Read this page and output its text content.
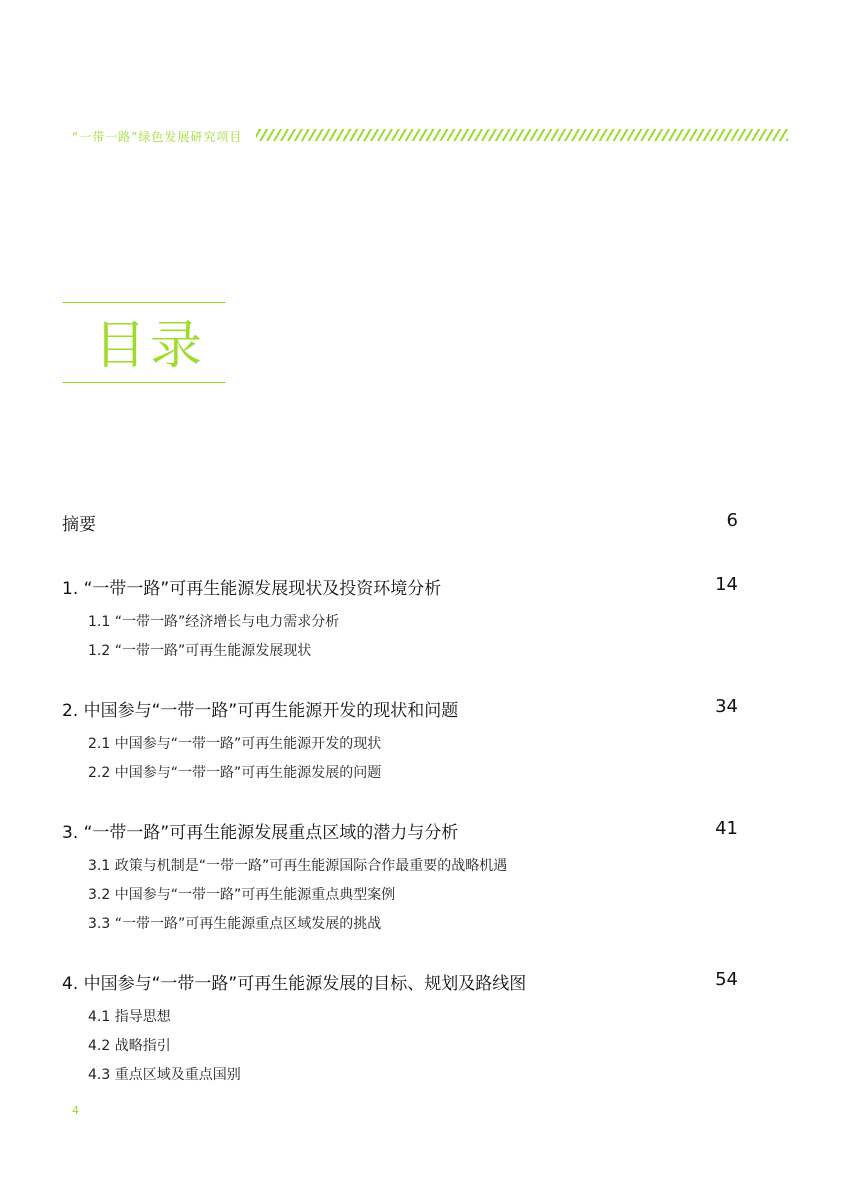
“一带一路”绿色发展研究项目
目录
摘要	6
1. “一带一路”可再生能源发展现状及投资环境分析	14
1.1 “一带一路”经济增长与电力需求分析
1.2 “一带一路”可再生能源发展现状
2. 中国参与“一带一路”可再生能源开发的现状和问题	34
2.1 中国参与“一带一路”可再生能源开发的现状
2.2 中国参与“一带一路”可再生能源发展的问题
3. “一带一路”可再生能源发展重点区域的潜力与分析	41
3.1 政策与机制是“一带一路”可再生能源国际合作最重要的战略机遇
3.2 中国参与“一带一路”可再生能源重点典型案例
3.3 “一带一路”可再生能源重点区域发展的挑战
4. 中国参与“一带一路”可再生能源发展的目标、规划及路线图	54
4.1 指导思想
4.2 战略指引
4.3 重点区域及重点国别
4
